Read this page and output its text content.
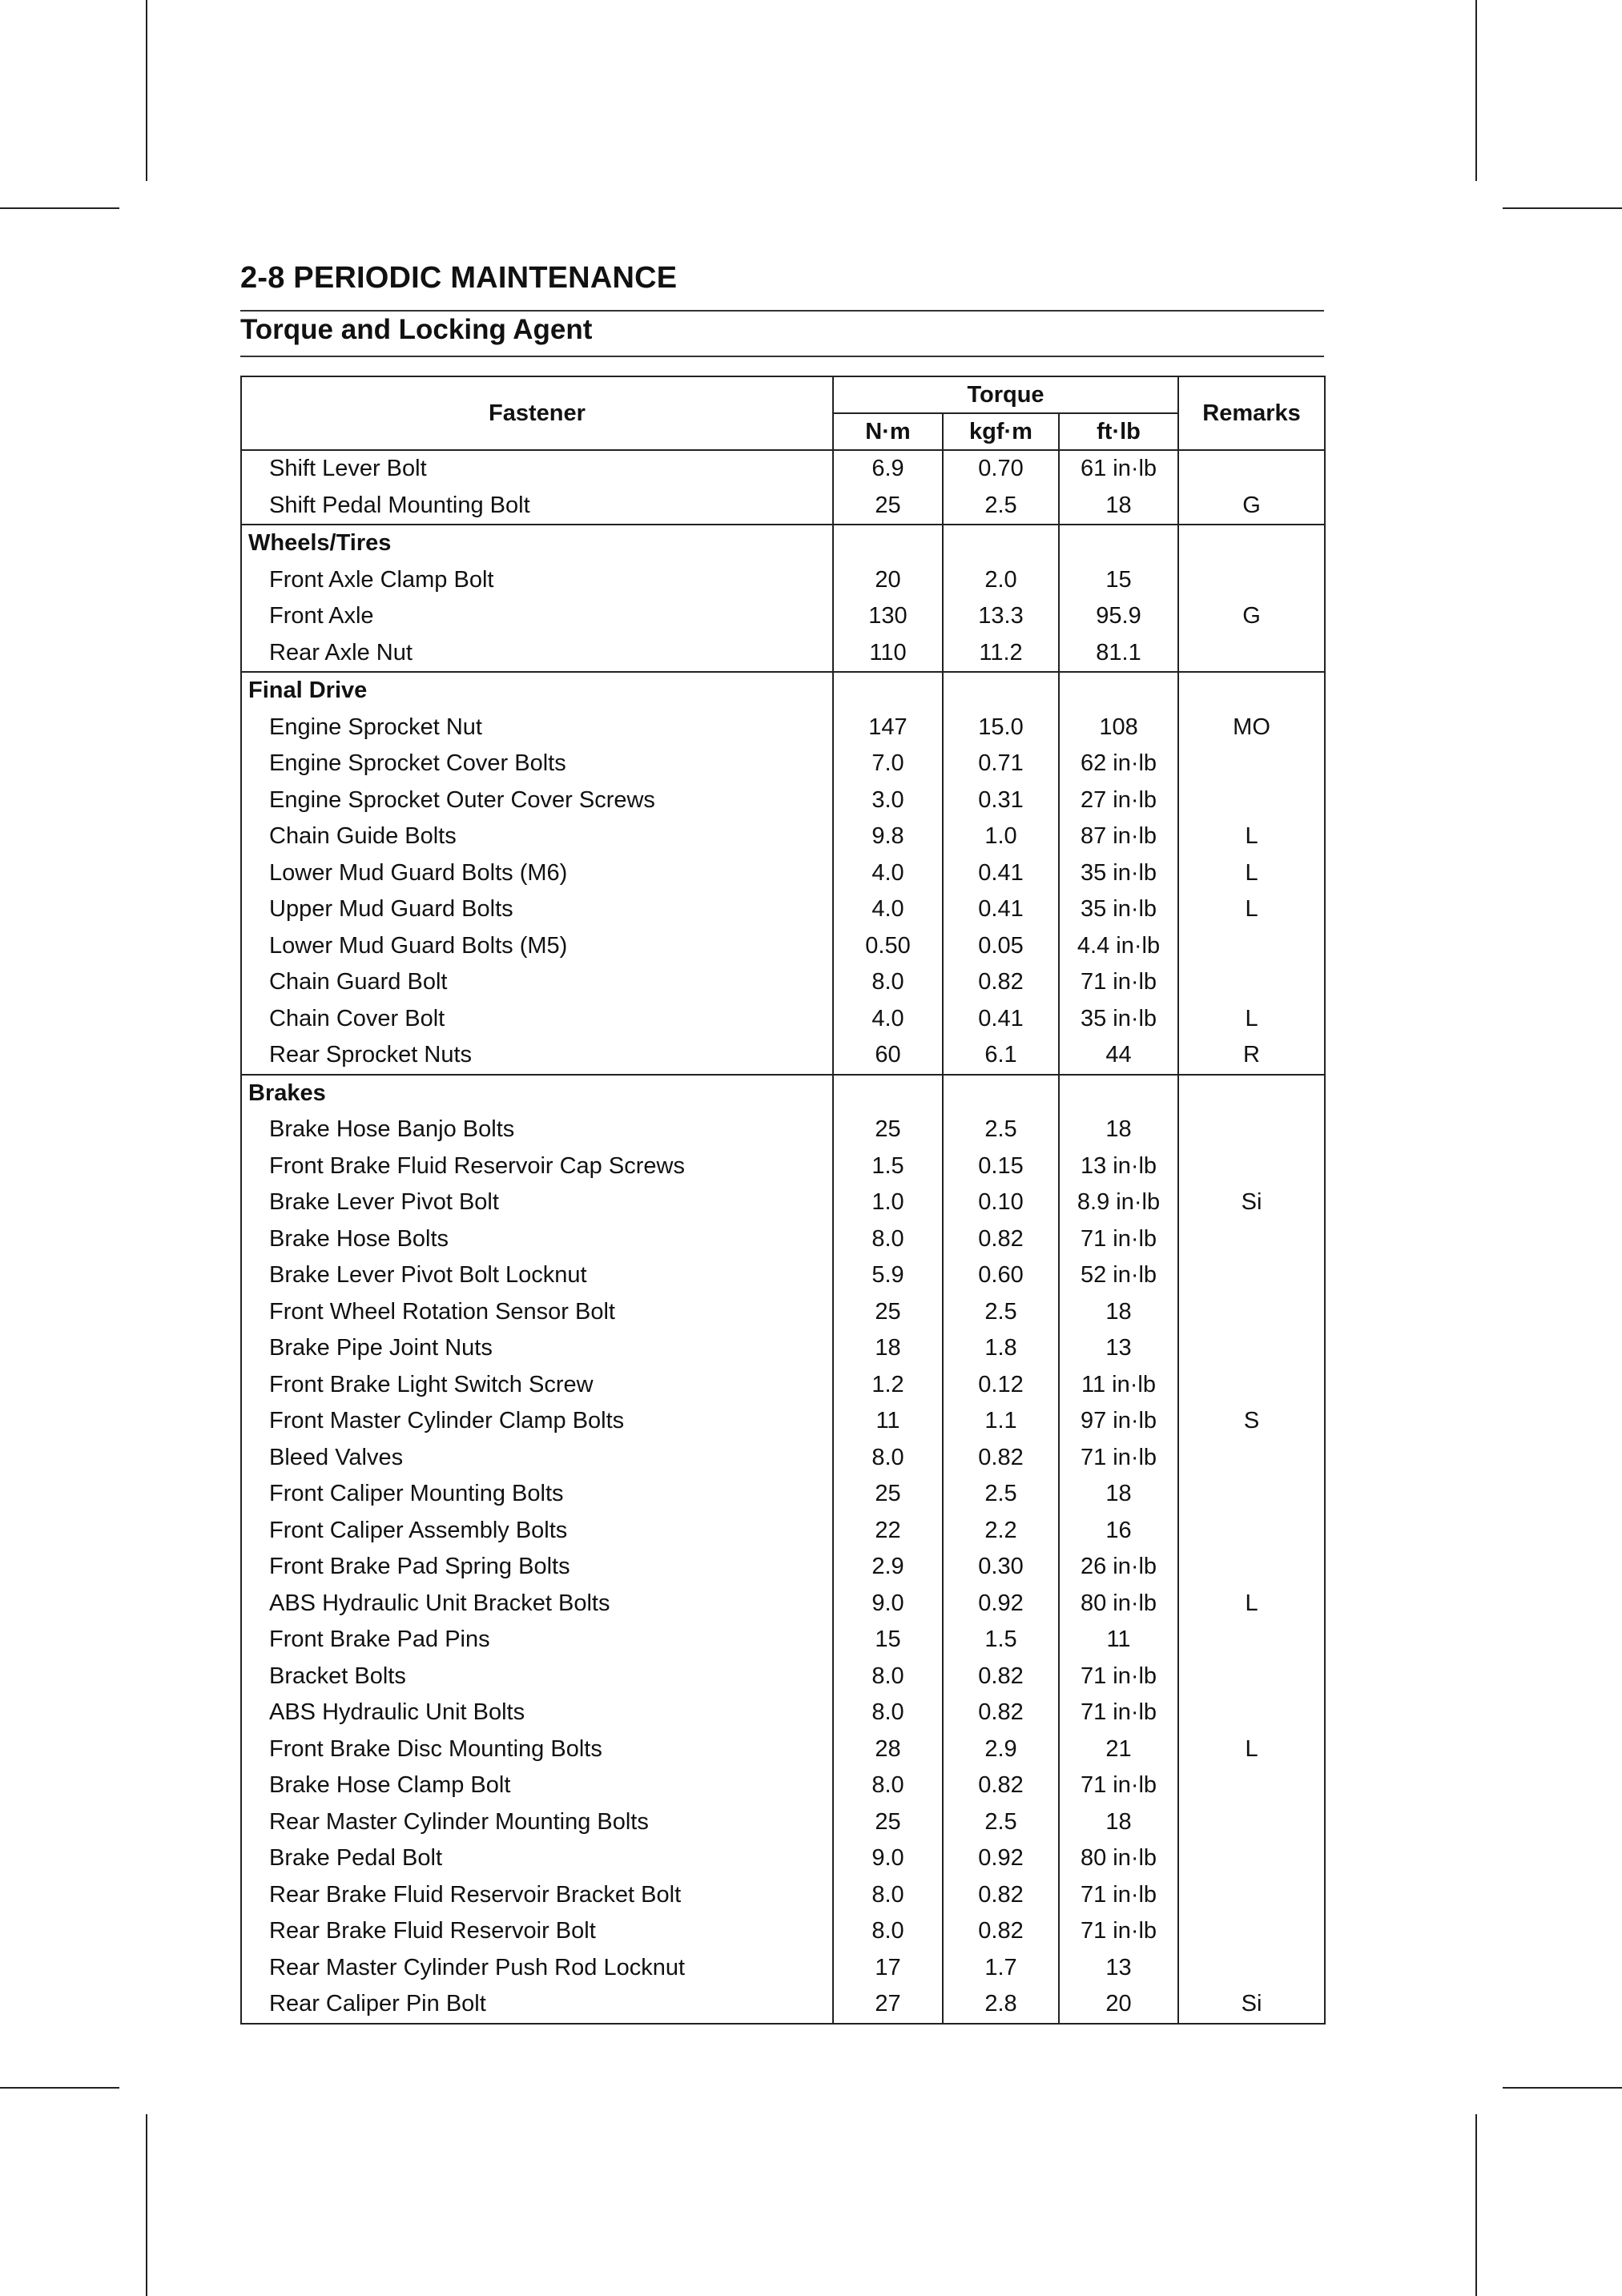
2-8 PERIODIC MAINTENANCE
Torque and Locking Agent
Fastener	Torque			Remarks
	N·m	kgf·m	ft·lb	
Shift Lever Bolt	6.9	0.70	61 in·lb	
Shift Pedal Mounting Bolt	25	2.5	18	G
Wheels/Tires				
Front Axle Clamp Bolt	20	2.0	15	
Front Axle	130	13.3	95.9	G
Rear Axle Nut	110	11.2	81.1	
Final Drive				
Engine Sprocket Nut	147	15.0	108	MO
Engine Sprocket Cover Bolts	7.0	0.71	62 in·lb	
Engine Sprocket Outer Cover Screws	3.0	0.31	27 in·lb	
Chain Guide Bolts	9.8	1.0	87 in·lb	L
Lower Mud Guard Bolts (M6)	4.0	0.41	35 in·lb	L
Upper Mud Guard Bolts	4.0	0.41	35 in·lb	L
Lower Mud Guard Bolts (M5)	0.50	0.05	4.4 in·lb	
Chain Guard Bolt	8.0	0.82	71 in·lb	
Chain Cover Bolt	4.0	0.41	35 in·lb	L
Rear Sprocket Nuts	60	6.1	44	R
Brakes				
Brake Hose Banjo Bolts	25	2.5	18	
Front Brake Fluid Reservoir Cap Screws	1.5	0.15	13 in·lb	
Brake Lever Pivot Bolt	1.0	0.10	8.9 in·lb	Si
Brake Hose Bolts	8.0	0.82	71 in·lb	
Brake Lever Pivot Bolt Locknut	5.9	0.60	52 in·lb	
Front Wheel Rotation Sensor Bolt	25	2.5	18	
Brake Pipe Joint Nuts	18	1.8	13	
Front Brake Light Switch Screw	1.2	0.12	11 in·lb	
Front Master Cylinder Clamp Bolts	11	1.1	97 in·lb	S
Bleed Valves	8.0	0.82	71 in·lb	
Front Caliper Mounting Bolts	25	2.5	18	
Front Caliper Assembly Bolts	22	2.2	16	
Front Brake Pad Spring Bolts	2.9	0.30	26 in·lb	
ABS Hydraulic Unit Bracket Bolts	9.0	0.92	80 in·lb	L
Front Brake Pad Pins	15	1.5	11	
Bracket Bolts	8.0	0.82	71 in·lb	
ABS Hydraulic Unit Bolts	8.0	0.82	71 in·lb	
Front Brake Disc Mounting Bolts	28	2.9	21	L
Brake Hose Clamp Bolt	8.0	0.82	71 in·lb	
Rear Master Cylinder Mounting Bolts	25	2.5	18	
Brake Pedal Bolt	9.0	0.92	80 in·lb	
Rear Brake Fluid Reservoir Bracket Bolt	8.0	0.82	71 in·lb	
Rear Brake Fluid Reservoir Bolt	8.0	0.82	71 in·lb	
Rear Master Cylinder Push Rod Locknut	17	1.7	13	
Rear Caliper Pin Bolt	27	2.8	20	Si
